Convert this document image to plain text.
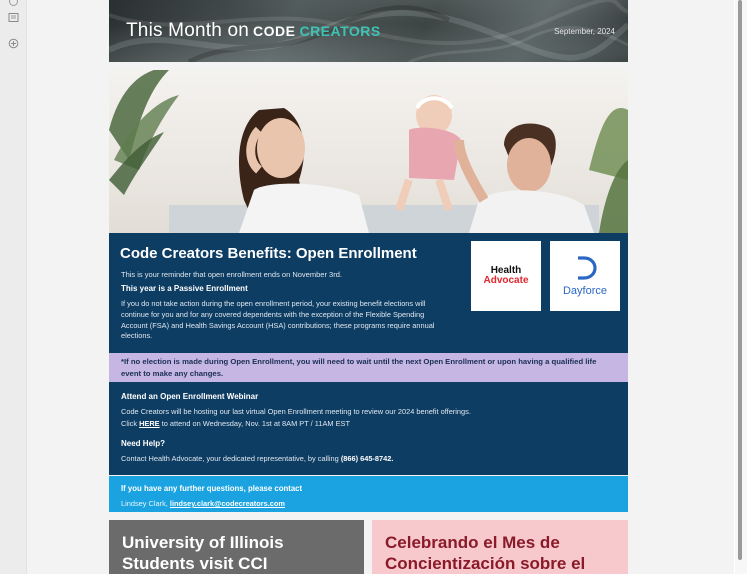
This Month on CODE CREATORS	September, 2024
Code Creators Benefits: Open Enrollment
This is your reminder that open enrollment ends on November 3rd.
This year is a Passive Enrollment
If you do not take action during the open enrollment period, your existing benefit elections will continue for you and for any covered dependents with the exception of the Flexible Spending Account (FSA) and Health Savings Account (HSA) contributions; these programs require annual elections.
Health
Advocate
Dayforce
*If no election is made during Open Enrollment, you will need to wait until the next Open Enrollment or upon having a qualified life event to make any changes.
Attend an Open Enrollment Webinar
Code Creators will be hosting our last virtual Open Enrollment meeting to review our 2024 benefit offerings.
Click HERE to attend on Wednesday, Nov. 1st at 8AM PT / 11AM EST
Need Help?
Contact Health Advocate, your dedicated representative, by calling (866) 645-8742.
If you have any further questions, please contact
Lindsey Clark, lindsey.clark@codecreators.com
University of Illinois
Students visit CCI
Celebrando el Mes de
Concientización sobre el
